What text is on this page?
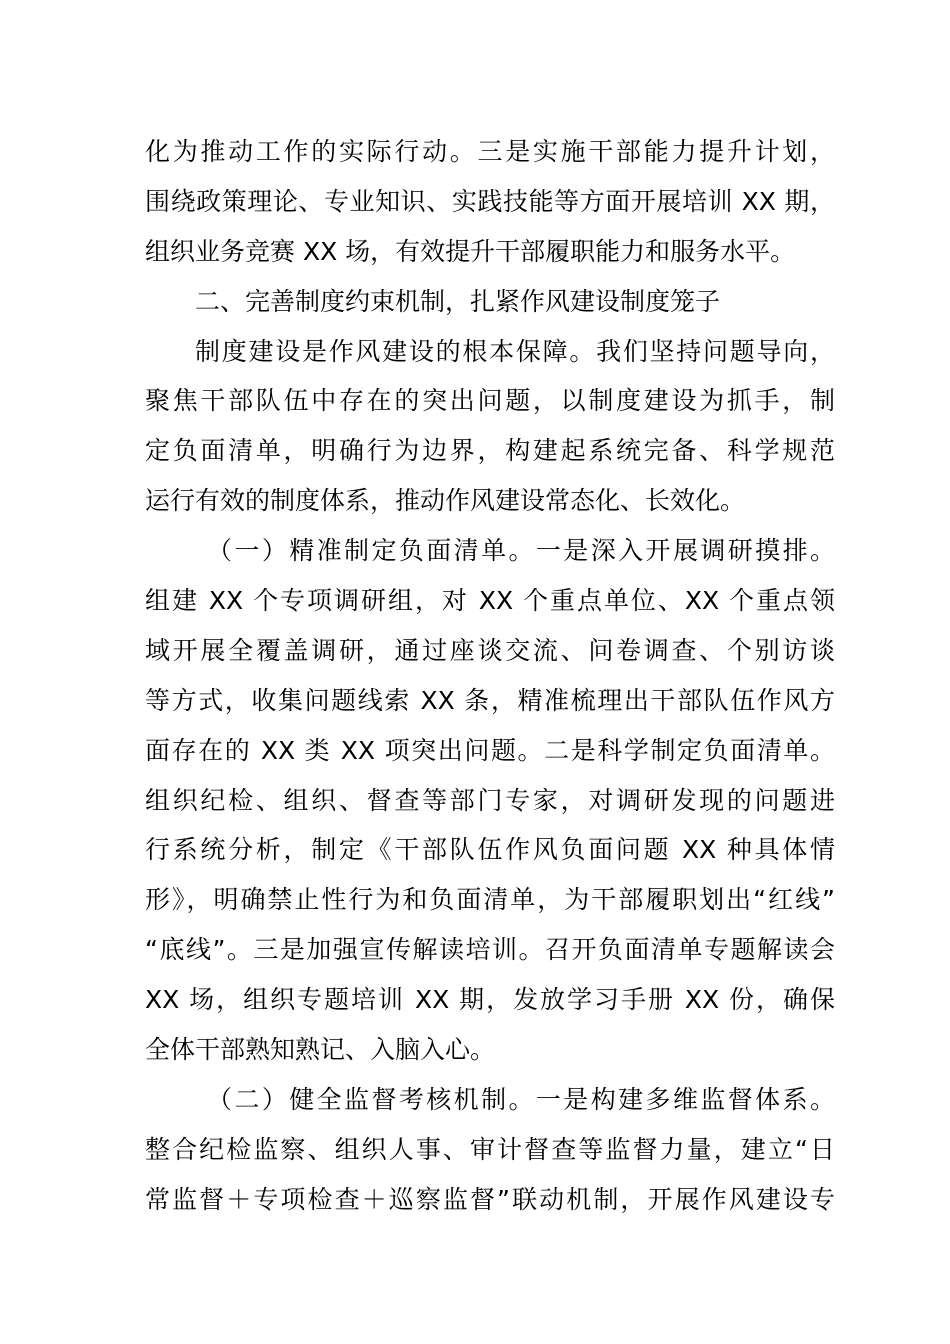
化为推动工作的实际行动。三是实施干部能力提升计划，
围绕政策理论、专业知识、实践技能等方面开展培训 XX 期，
组织业务竞赛 XX 场，有效提升干部履职能力和服务水平。
二、完善制度约束机制，扎紧作风建设制度笼子
制度建设是作风建设的根本保障。我们坚持问题导向，
聚焦干部队伍中存在的突出问题，以制度建设为抓手，制
定负面清单，明确行为边界，构建起系统完备、科学规范
运行有效的制度体系，推动作风建设常态化、长效化。
（一）精准制定负面清单。一是深入开展调研摸排。
组建 XX 个专项调研组，对 XX 个重点单位、XX 个重点领
域开展全覆盖调研，通过座谈交流、问卷调查、个别访谈
等方式，收集问题线索 XX 条，精准梳理出干部队伍作风方
面存在的 XX 类 XX 项突出问题。二是科学制定负面清单。
组织纪检、组织、督查等部门专家，对调研发现的问题进
行系统分析，制定《干部队伍作风负面问题 XX 种具体情
形》，明确禁止性行为和负面清单，为干部履职划出“红线”
“底线”。三是加强宣传解读培训。召开负面清单专题解读会
XX 场，组织专题培训 XX 期，发放学习手册 XX 份，确保
全体干部熟知熟记、入脑入心。
（二）健全监督考核机制。一是构建多维监督体系。
整合纪检监察、组织人事、审计督查等监督力量，建立“日
常监督＋专项检查＋巡察监督”联动机制，开展作风建设专
